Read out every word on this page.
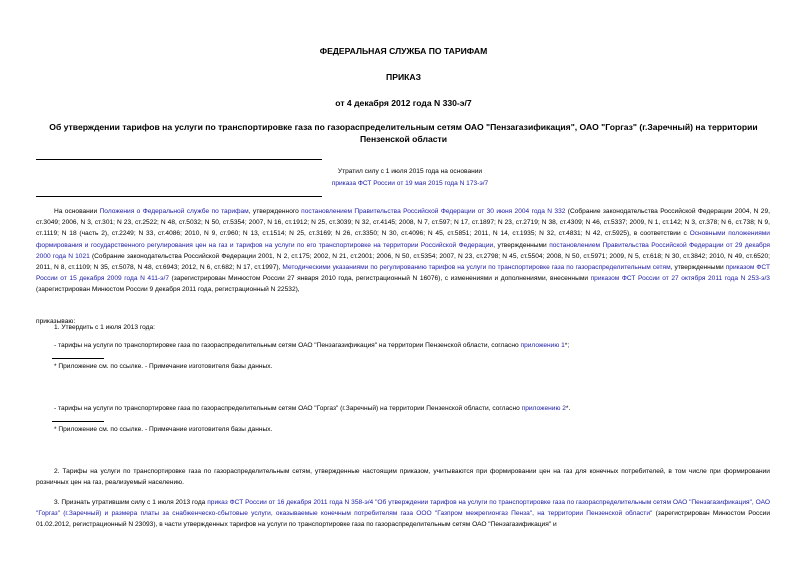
ФЕДЕРАЛЬНАЯ СЛУЖБА ПО ТАРИФАМ
ПРИКАЗ
от 4 декабря 2012 года N 330-э/7
Об утверждении тарифов на услуги по транспортировке газа по газораспределительным сетям ОАО "Пензагазификация", ОАО "Горгаз" (г.Заречный) на территории Пензенской области
Утратил силу с 1 июля 2015 года на основании
приказа ФСТ России от 19 мая 2015 года N 173-э/7
На основании Положения о Федеральной службе по тарифам, утвержденного постановлением Правительства Российской Федерации от 30 июня 2004 года N 332 (Собрание законодательства Российской Федерации 2004, N 29, ст.3049; 2006, N 3, ст.301; N 23, ст.2522; N 48, ст.5032; N 50, ст.5354; 2007, N 16, ст.1912; N 25, ст.3039; N 32, ст.4145; 2008, N 7, ст.597; N 17, ст.1897; N 23, ст.2719; N 38, ст.4309; N 46, ст.5337; 2009, N 1, ст.142; N 3, ст.378; N 6, ст.738; N 9, ст.1119; N 18 (часть 2), ст.2249; N 33, ст.4086; 2010, N 9, ст.960; N 13, ст.1514; N 25, ст.3169; N 26, ст.3350; N 30, ст.4096; N 45, ст.5851; 2011, N 14, ст.1935; N 32, ст.4831; N 42, ст.5925), в соответствии с Основными положениями формирования и государственного регулирования цен на газ и тарифов на услуги по его транспортировке на территории Российской Федерации, утвержденными постановлением Правительства Российской Федерации от 29 декабря 2000 года N 1021 (Собрание законодательства Российской Федерации 2001, N 2, ст.175; 2002, N 21, ст.2001; 2006, N 50, ст.5354; 2007, N 23, ст.2798; N 45, ст.5504; 2008, N 50, ст.5971; 2009, N 5, ст.618; N 30, ст.3842; 2010, N 49, ст.6520; 2011, N 8, ст.1109; N 35, ст.5078, N 48, ст.6943; 2012, N 6, ст.682; N 17, ст.1997), Методическими указаниями по регулированию тарифов на услуги по транспортировке газа по газораспределительным сетям, утвержденными приказом ФСТ России от 15 декабря 2009 года N 411-э/7 (зарегистрирован Минюстом России 27 января 2010 года, регистрационный N 16076), с изменениями и дополнениями, внесенными приказом ФСТ России от 27 октября 2011 года N 253-э/3 (зарегистрирован Минюстом России 9 декабря 2011 года, регистрационный N 22532),
приказываю:
1. Утвердить с 1 июля 2013 года:
- тарифы на услуги по транспортировке газа по газораспределительным сетям ОАО "Пензагазификация" на территории Пензенской области, согласно приложению 1*;
* Приложение см. по ссылке. - Примечание изготовителя базы данных.
- тарифы на услуги по транспортировке газа по газораспределительным сетям ОАО "Горгаз" (г.Заречный) на территории Пензенской области, согласно приложению 2*.
* Приложение см. по ссылке. - Примечание изготовителя базы данных.
2. Тарифы на услуги по транспортировке газа по газораспределительным сетям, утвержденные настоящим приказом, учитываются при формировании цен на газ для конечных потребителей, в том числе при формировании розничных цен на газ, реализуемый населению.
3. Признать утратившим силу с 1 июля 2013 года приказ ФСТ России от 16 декабря 2011 года N 358-э/4 "Об утверждении тарифов на услуги по транспортировке газа по газораспределительным сетям ОАО "Пензагазификация", ОАО "Горгаз" (г.Заречный) и размера платы за снабженческо-сбытовые услуги, оказываемые конечным потребителям газа ООО "Газпром межрегионгаз Пенза", на территории Пензенской области" (зарегистрирован Минюстом России 01.02.2012, регистрационный N 23093), в части утвержденных тарифов на услуги по транспортировке газа по газораспределительным сетям ОАО "Пензагазификация" и
